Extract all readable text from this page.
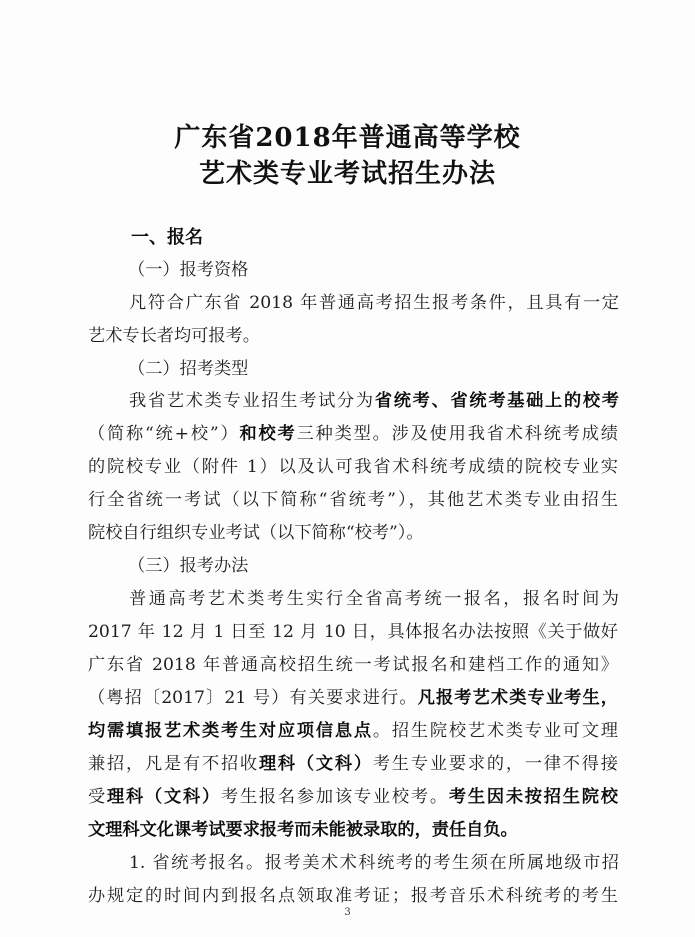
广东省2018年普通高等学校
艺术类专业考试招生办法
一、报名
（一）报考资格
凡符合广东省 2018 年普通高考招生报考条件，且具有一定
艺术专长者均可报考。
（二）招考类型
我省艺术类专业招生考试分为省统考、省统考基础上的校考
（简称“统+校”）和校考三种类型。涉及使用我省术科统考成绩
的院校专业（附件 1）以及认可我省术科统考成绩的院校专业实
行全省统一考试（以下简称“省统考”），其他艺术类专业由招生
院校自行组织专业考试（以下简称“校考”）。
（三）报考办法
普通高考艺术类考生实行全省高考统一报名，报名时间为
2017 年 12 月 1 日至 12 月 10 日，具体报名办法按照《关于做好
广东省 2018 年普通高校招生统一考试报名和建档工作的通知》
（粤招〔2017〕21 号）有关要求进行。凡报考艺术类专业考生，
均需填报艺术类考生对应项信息点。招生院校艺术类专业可文理
兼招，凡是有不招收理科（文科）考生专业要求的，一律不得接
受理科（文科）考生报名参加该专业校考。考生因未按招生院校
文理科文化课考试要求报考而未能被录取的，责任自负。
1. 省统考报名。报考美术术科统考的考生须在所属地级市招
办规定的时间内到报名点领取准考证；报考音乐术科统考的考生
3
